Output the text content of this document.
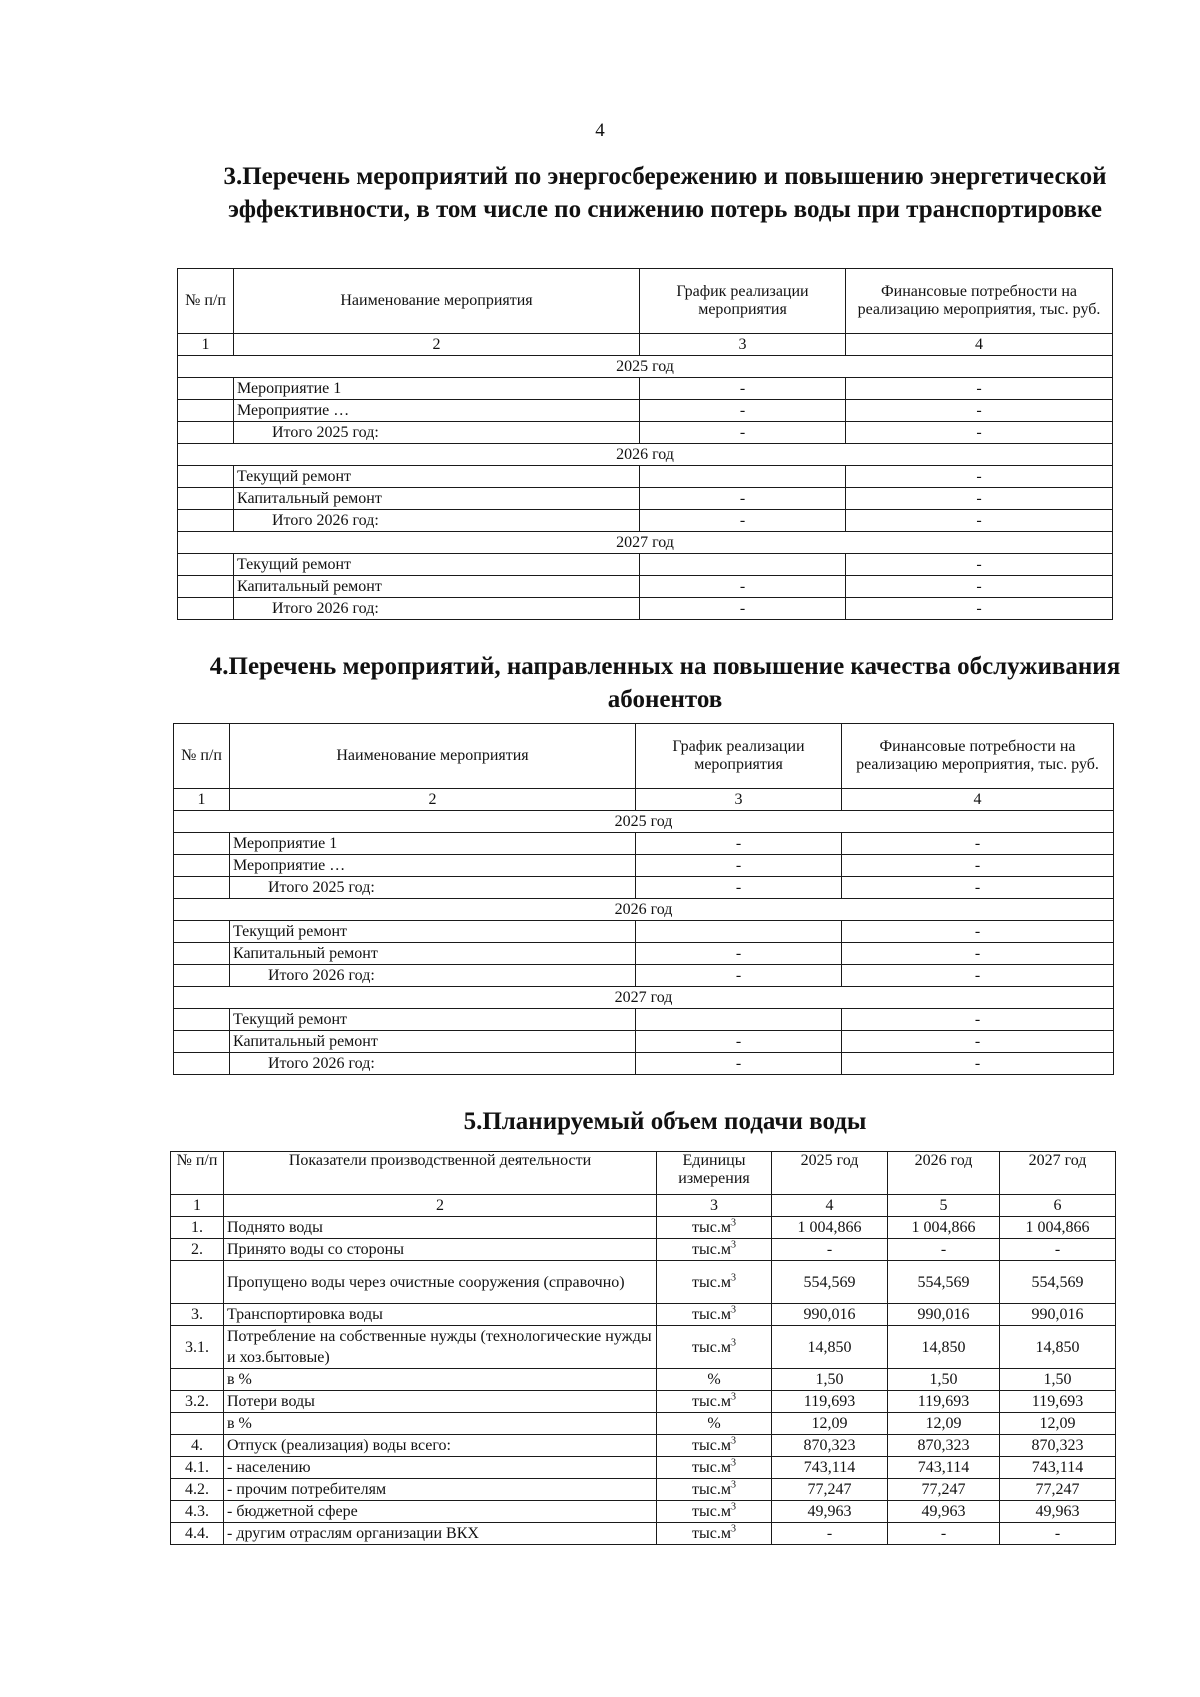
4
3.Перечень мероприятий по энергосбережению и повышению энергетической эффективности, в том числе по снижению потерь воды при транспортировке
№ п/п	Наименование мероприятия	График реализации мероприятия	Финансовые потребности на реализацию мероприятия, тыс. руб.
1	2	3	4
2025 год			
	Мероприятие 1	-	-
	Мероприятие …	-	-
	Итого 2025 год:	-	-
2026 год			
	Текущий ремонт		-
	Капитальный ремонт	-	-
	Итого 2026 год:	-	-
2027 год			
	Текущий ремонт		-
	Капитальный ремонт	-	-
	Итого 2026 год:	-	-
4.Перечень мероприятий, направленных на повышение качества обслуживания абонентов
№ п/п	Наименование мероприятия	График реализации мероприятия	Финансовые потребности на реализацию мероприятия, тыс. руб.
1	2	3	4
2025 год			
	Мероприятие 1	-	-
	Мероприятие …	-	-
	Итого 2025 год:	-	-
2026 год			
	Текущий ремонт		-
	Капитальный ремонт	-	-
	Итого 2026 год:	-	-
2027 год			
	Текущий ремонт		-
	Капитальный ремонт	-	-
	Итого 2026 год:	-	-
5.Планируемый объем подачи воды
№ п/п	Показатели производственной деятельности	Единицы измерения	2025 год	2026 год	2027 год
1	2	3	4	5	6
1.	Поднято воды	$тыс.м^3$	1 004,866	1 004,866	1 004,866
2.	Принято воды со стороны	$тыс.м^3$	-	-	-
	Пропущено воды через очистные сооружения (справочно)	$тыс.м^3$	554,569	554,569	554,569
3.	Транспортировка воды	$тыс.м^3$	990,016	990,016	990,016
3.1.	Потребление на собственные нужды (технологические нужды и хоз.бытовые)	$тыс.м^3$	14,850	14,850	14,850
	в %	%	1,50	1,50	1,50
3.2.	Потери воды	$тыс.м^3$	119,693	119,693	119,693
	в %	%	12,09	12,09	12,09
4.	Отпуск (реализация) воды всего:	$тыс.м^3$	870,323	870,323	870,323
4.1.	- населению	$тыс.м^3$	743,114	743,114	743,114
4.2.	- прочим потребителям	$тыс.м^3$	77,247	77,247	77,247
4.3.	- бюджетной сфере	$тыс.м^3$	49,963	49,963	49,963
4.4.	- другим отраслям организации ВКХ	$тыс.м^3$	-	-	-
